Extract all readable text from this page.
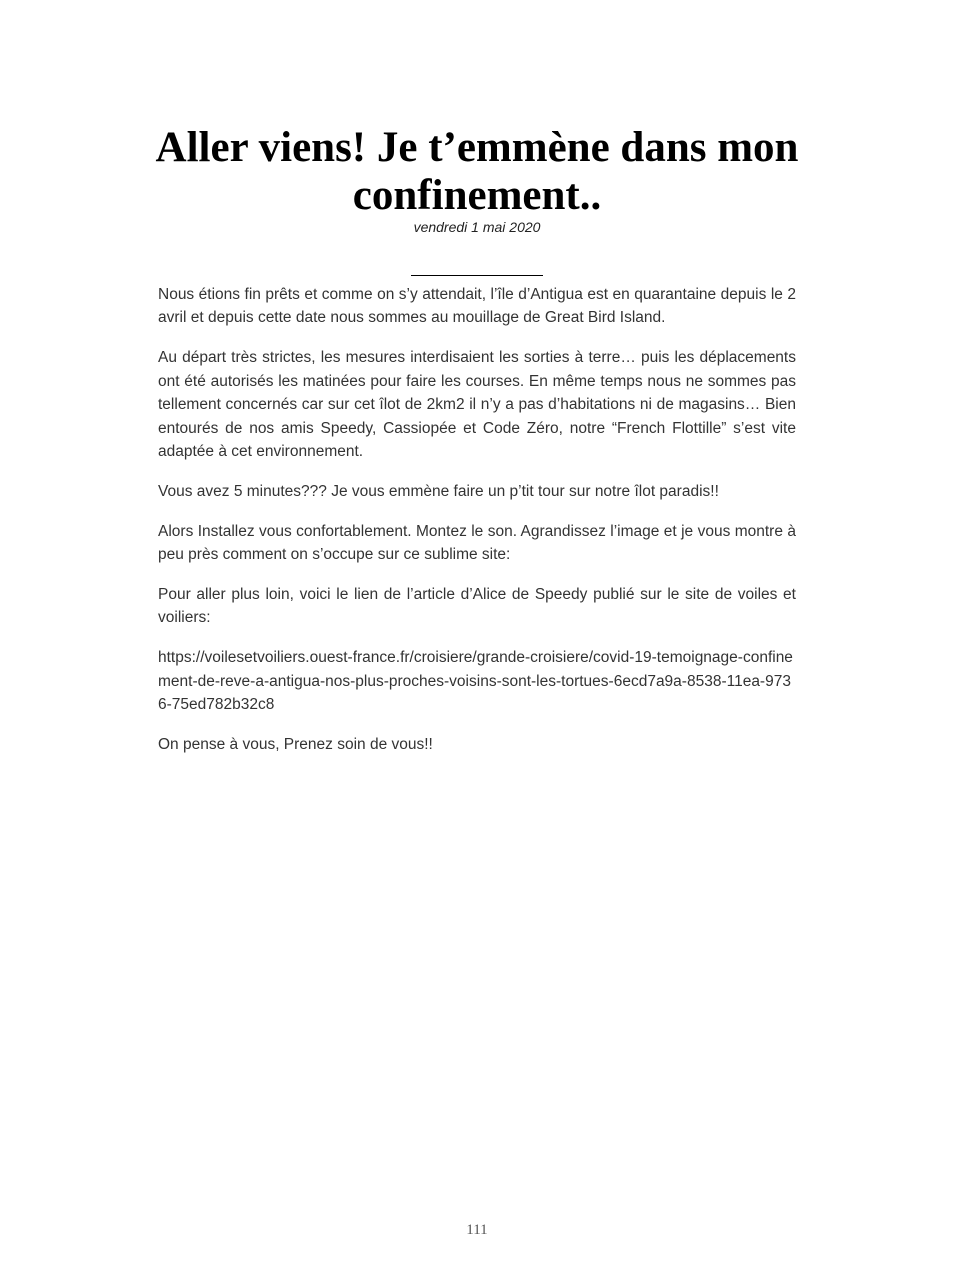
Aller viens! Je t’emmène dans mon confinement..
vendredi 1 mai 2020

Nous étions fin prêts et comme on s’y attendait, l’île d’Antigua est en quarantaine depuis le 2 avril et depuis cette date nous sommes au mouillage de Great Bird Island.

Au départ très strictes, les mesures interdisaient les sorties à terre… puis les déplacements ont été autorisés les matinées pour faire les courses. En même temps nous ne sommes pas tellement concernés car sur cet îlot de 2km2 il n’y a pas d’habitations ni de magasins… Bien entourés de nos amis Speedy, Cassiopée et Code Zéro, notre “French Flottille” s’est vite adaptée à cet environnement.

Vous avez 5 minutes??? Je vous emmène faire un p’tit tour sur notre îlot paradis!!

Alors Installez vous confortablement. Montez le son. Agrandissez l’image et je vous montre à peu près comment on s’occupe sur ce sublime site:

Pour aller plus loin, voici le lien de l’article d’Alice de Speedy publié sur le site de voiles et voiliers:

https://voilesetvoiliers.ouest-france.fr/croisiere/grande-croisiere/covid-19-temoignage-confinement-de-reve-a-antigua-nos-plus-proches-voisins-sont-les-tortues-6ecd7a9a-8538-11ea-9736-75ed782b32c8

On pense à vous, Prenez soin de vous!!

111
